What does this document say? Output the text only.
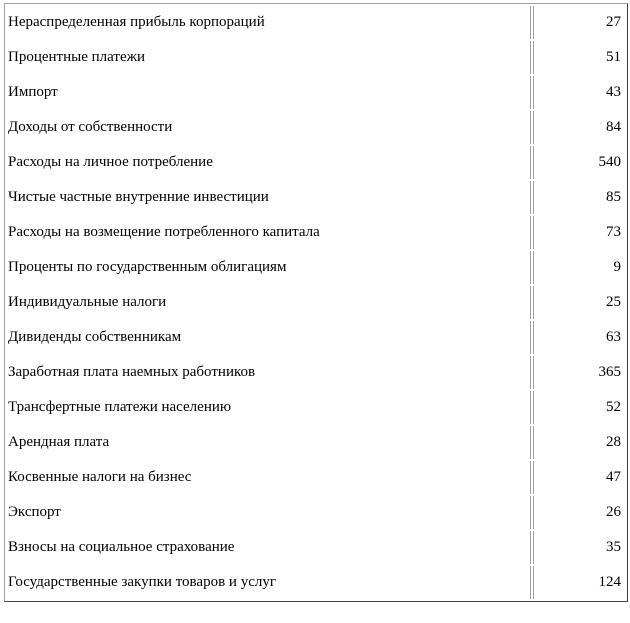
Нераспределенная прибыль корпораций	27
Процентные платежи	51
Импорт	43
Доходы от собственности	84
Расходы на личное потребление	540
Чистые частные внутренние инвестиции	85
Расходы на возмещение потребленного капитала	73
Проценты по государственным облигациям	9
Индивидуальные налоги	25
Дивиденды собственникам	63
Заработная плата наемных работников	365
Трансфертные платежи населению	52
Арендная плата	28
Косвенные налоги на бизнес	47
Экспорт	26
Взносы на социальное страхование	35
Государственные закупки товаров и услуг	124
